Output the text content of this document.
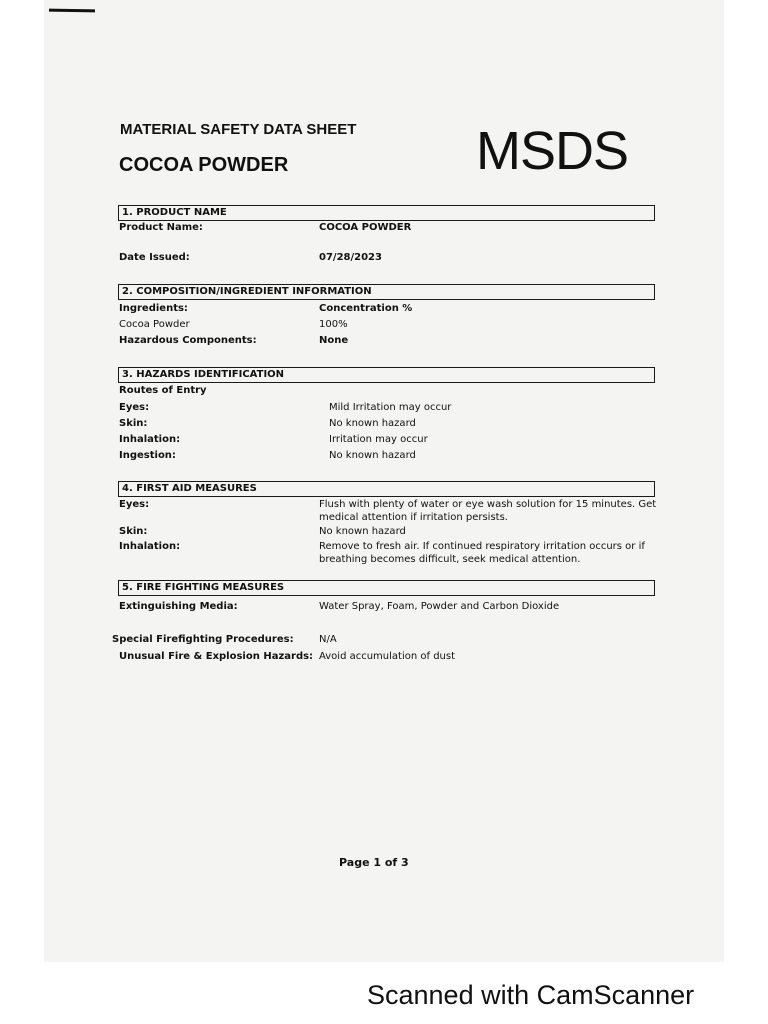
MATERIAL SAFETY DATA SHEET
COCOA POWDER	MSDS
1. PRODUCT NAME
Product Name:	COCOA POWDER
Date Issued:	07/28/2023
2. COMPOSITION/INGREDIENT INFORMATION
Ingredients:	Concentration %
Cocoa Powder	100%
Hazardous Components:	None
3. HAZARDS IDENTIFICATION
Routes of Entry
Eyes:	Mild Irritation may occur
Skin:	No known hazard
Inhalation:	Irritation may occur
Ingestion:	No known hazard
4. FIRST AID MEASURES
Eyes:	Flush with plenty of water or eye wash solution for 15 minutes. Get medical attention if irritation persists.
Skin:	No known hazard
Inhalation:	Remove to fresh air. If continued respiratory irritation occurs or if breathing becomes difficult, seek medical attention.
5. FIRE FIGHTING MEASURES
Extinguishing Media:	Water Spray, Foam, Powder and Carbon Dioxide
Special Firefighting Procedures:	N/A
Unusual Fire & Explosion Hazards: Avoid accumulation of dust
Page 1 of 3
Scanned with CamScanner
